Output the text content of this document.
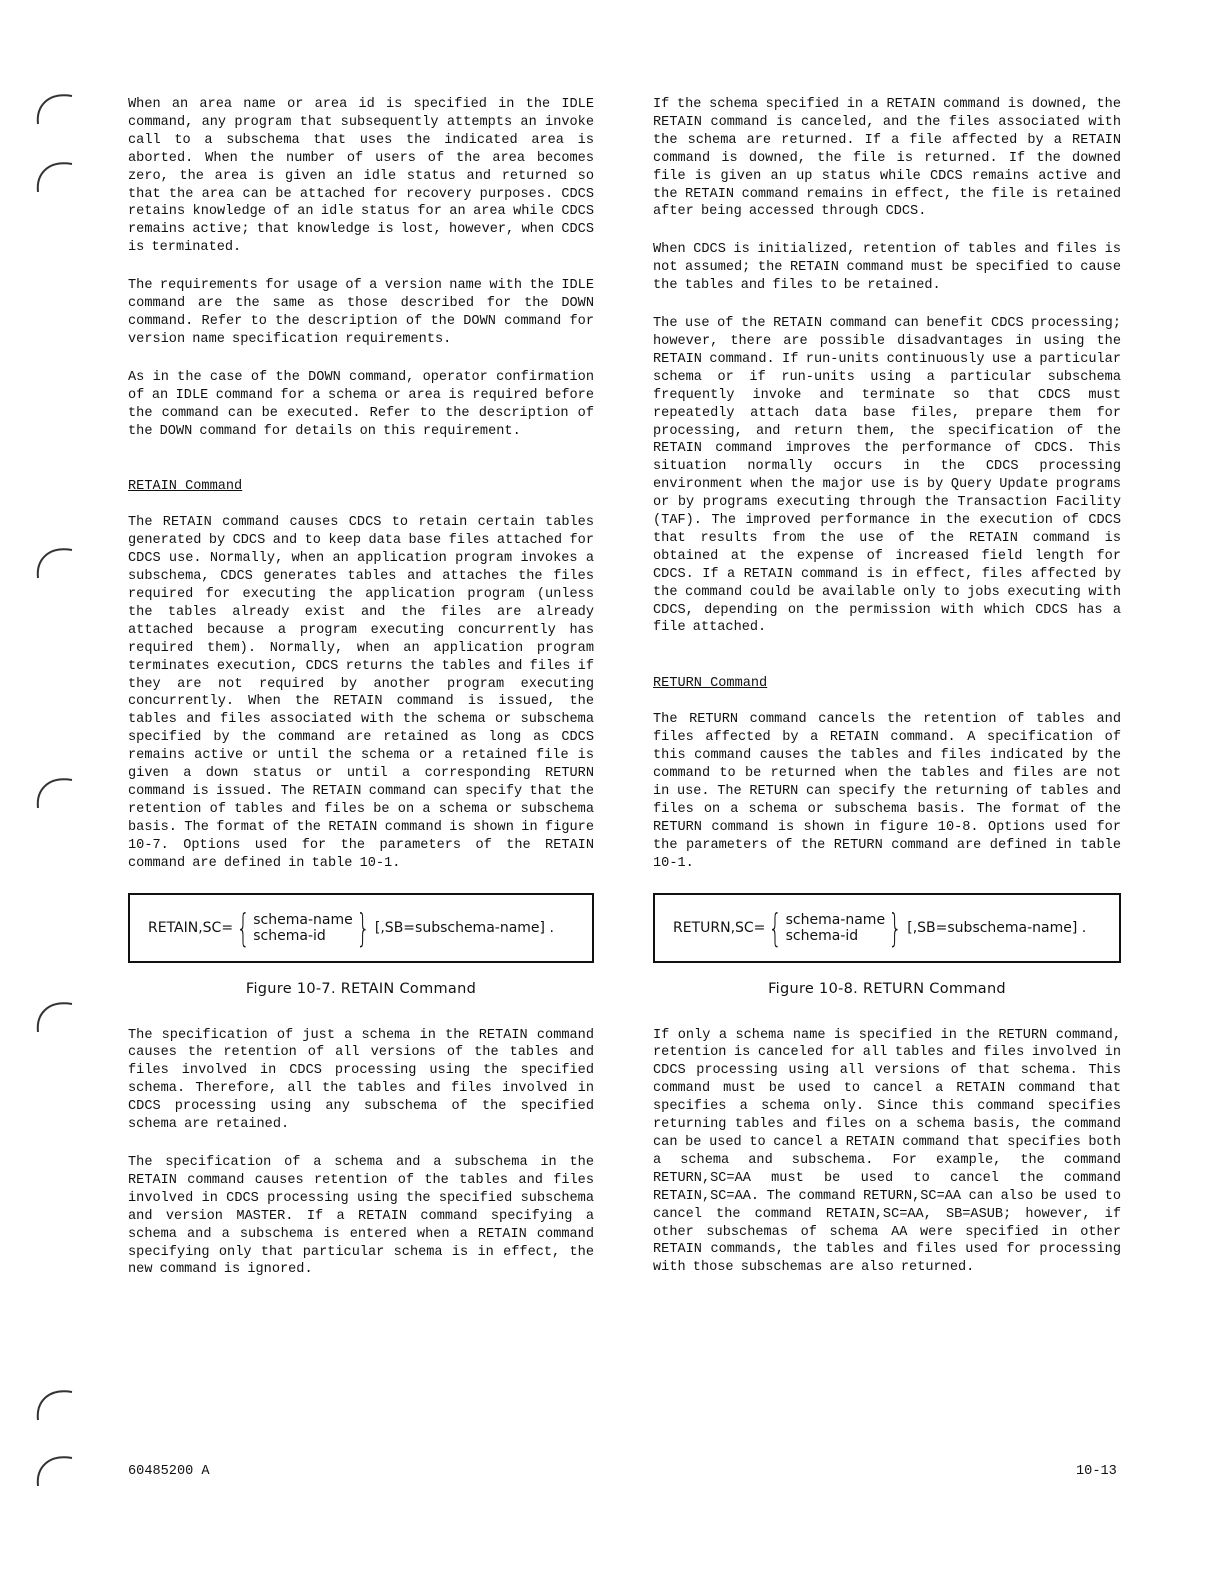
When an area name or area id is specified in the IDLE command, any program that subsequently attempts an invoke call to a subschema that uses the indicated area is aborted. When the number of users of the area becomes zero, the area is given an idle status and returned so that the area can be attached for recovery purposes. CDCS retains knowledge of an idle status for an area while CDCS remains active; that knowledge is lost, however, when CDCS is terminated.

The requirements for usage of a version name with the IDLE command are the same as those described for the DOWN command. Refer to the description of the DOWN command for version name specification requirements.

As in the case of the DOWN command, operator confirmation of an IDLE command for a schema or area is required before the command can be executed. Refer to the description of the DOWN command for details on this requirement.

RETAIN Command

The RETAIN command causes CDCS to retain certain tables generated by CDCS and to keep data base files attached for CDCS use. Normally, when an application program invokes a subschema, CDCS generates tables and attaches the files required for executing the application program (unless the tables already exist and the files are already attached because a program executing concurrently has required them). Normally, when an application program terminates execution, CDCS returns the tables and files if they are not required by another program executing concurrently. When the RETAIN command is issued, the tables and files associated with the schema or subschema specified by the command are retained as long as CDCS remains active or until the schema or a retained file is given a down status or until a corresponding RETURN command is issued. The RETAIN command can specify that the retention of tables and files be on a schema or subschema basis. The format of the RETAIN command is shown in figure 10-7. Options used for the parameters of the RETAIN command are defined in table 10-1.

RETAIN,SC= { schema-name
schema-id } [,SB=subschema-name] .
Figure 10-7. RETAIN Command

The specification of just a schema in the RETAIN command causes the retention of all versions of the tables and files involved in CDCS processing using the specified schema. Therefore, all the tables and files involved in CDCS processing using any subschema of the specified schema are retained.

The specification of a schema and a subschema in the RETAIN command causes retention of the tables and files involved in CDCS processing using the specified subschema and version MASTER. If a RETAIN command specifying a schema and a subschema is entered when a RETAIN command specifying only that particular schema is in effect, the new command is ignored.

If the schema specified in a RETAIN command is downed, the RETAIN command is canceled, and the files associated with the schema are returned. If a file affected by a RETAIN command is downed, the file is returned. If the downed file is given an up status while CDCS remains active and the RETAIN command remains in effect, the file is retained after being accessed through CDCS.

When CDCS is initialized, retention of tables and files is not assumed; the RETAIN command must be specified to cause the tables and files to be retained.

The use of the RETAIN command can benefit CDCS processing; however, there are possible disadvantages in using the RETAIN command. If run-units continuously use a particular schema or if run-units using a particular subschema frequently invoke and terminate so that CDCS must repeatedly attach data base files, prepare them for processing, and return them, the specification of the RETAIN command improves the performance of CDCS. This situation normally occurs in the CDCS processing environment when the major use is by Query Update programs or by programs executing through the Transaction Facility (TAF). The improved performance in the execution of CDCS that results from the use of the RETAIN command is obtained at the expense of increased field length for CDCS. If a RETAIN command is in effect, files affected by the command could be available only to jobs executing with CDCS, depending on the permission with which CDCS has a file attached.

RETURN Command

The RETURN command cancels the retention of tables and files affected by a RETAIN command. A specification of this command causes the tables and files indicated by the command to be returned when the tables and files are not in use. The RETURN can specify the returning of tables and files on a schema or subschema basis. The format of the RETURN command is shown in figure 10-8. Options used for the parameters of the RETURN command are defined in table 10-1.

RETURN,SC= { schema-name
schema-id } [,SB=subschema-name] .
Figure 10-8. RETURN Command

If only a schema name is specified in the RETURN command, retention is canceled for all tables and files involved in CDCS processing using all versions of that schema. This command must be used to cancel a RETAIN command that specifies a schema only. Since this command specifies returning tables and files on a schema basis, the command can be used to cancel a RETAIN command that specifies both a schema and subschema. For example, the command RETURN,SC=AA must be used to cancel the command RETAIN,SC=AA. The command RETURN,SC=AA can also be used to cancel the command RETAIN,SC=AA, SB=ASUB; however, if other subschemas of schema AA were specified in other RETAIN commands, the tables and files used for processing with those subschemas are also returned.

60485200 A	10-13
